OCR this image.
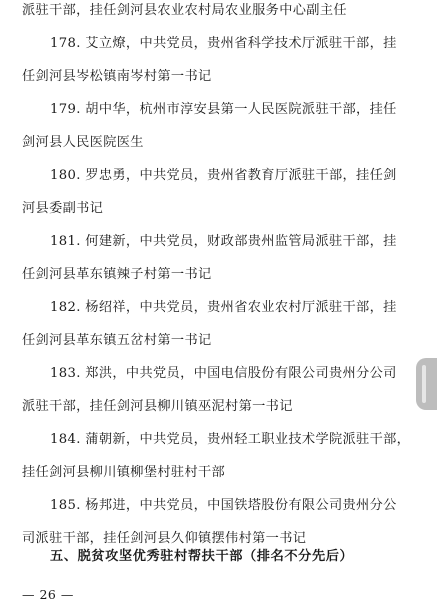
派驻干部，挂任剑河县农业农村局农业服务中心副主任
178. 艾立燎，中共党员，贵州省科学技术厅派驻干部，挂
任剑河县岑松镇南岑村第一书记
179. 胡中华，杭州市淳安县第一人民医院派驻干部，挂任
剑河县人民医院医生
180. 罗忠勇，中共党员，贵州省教育厅派驻干部，挂任剑
河县委副书记
181. 何建新，中共党员，财政部贵州监管局派驻干部，挂
任剑河县革东镇辣子村第一书记
182. 杨绍祥，中共党员，贵州省农业农村厅派驻干部，挂
任剑河县革东镇五岔村第一书记
183. 郑洪，中共党员，中国电信股份有限公司贵州分公司
派驻干部，挂任剑河县柳川镇巫泥村第一书记
184. 蒲朝新，中共党员，贵州轻工职业技术学院派驻干部，
挂任剑河县柳川镇柳堡村驻村干部
185. 杨邦进，中共党员，中国铁塔股份有限公司贵州分公
司派驻干部，挂任剑河县久仰镇摆伟村第一书记
五、脱贫攻坚优秀驻村帮扶干部（排名不分先后）
— 26 —
